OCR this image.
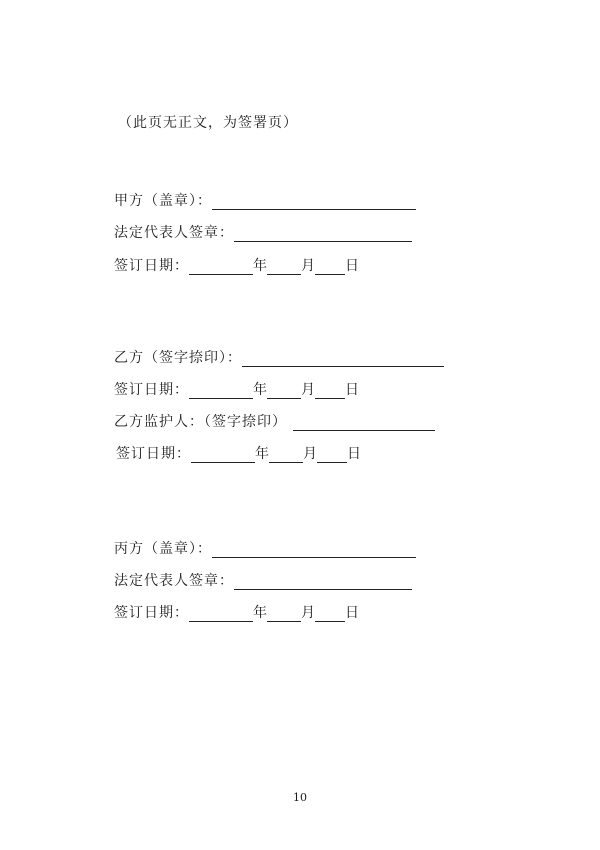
（此页无正文，为签署页）
甲方（盖章）：
法定代表人签章：
签订日期：	年 月 日
乙方（签字捺印）：
签订日期：	年 月 日
乙方监护人：（签字捺印）
签订日期：	年 月 日
丙方（盖章）：
法定代表人签章：
签订日期：	年 月 日
10
